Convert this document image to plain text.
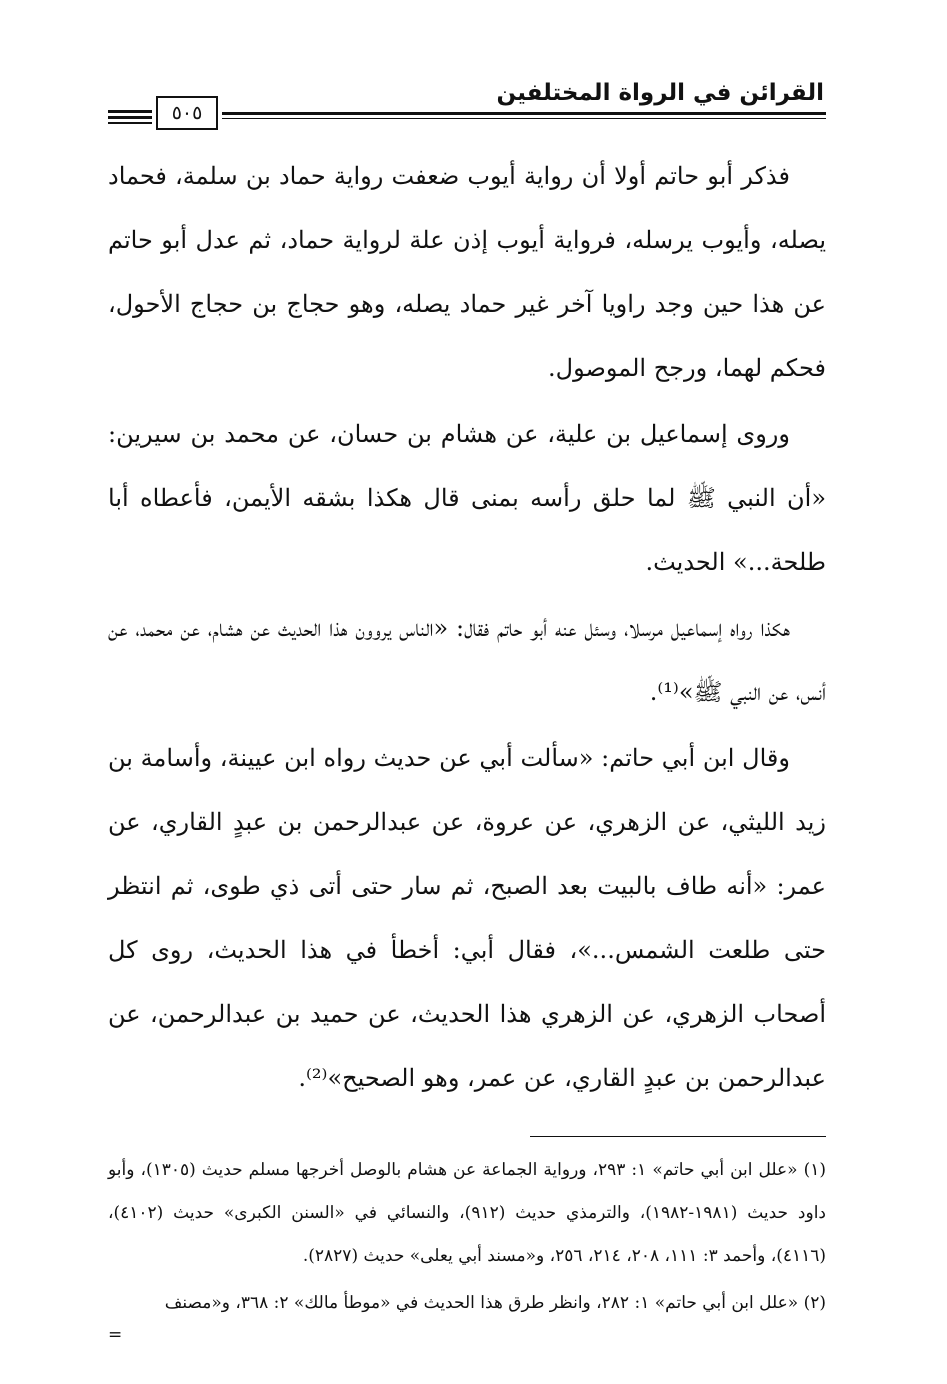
القرائن في الرواة المختلفين
٥٠٥

فذكر أبو حاتم أولا أن رواية أيوب ضعفت رواية حماد بن سلمة، فحماد يصله، وأيوب يرسله، فرواية أيوب إذن علة لرواية حماد، ثم عدل أبو حاتم عن هذا حين وجد راويا آخر غير حماد يصله، وهو حجاج بن حجاج الأحول، فحكم لهما، ورجح الموصول.

وروى إسماعيل بن علية، عن هشام بن حسان، عن محمد بن سيرين: «أن النبي ﷺ لما حلق رأسه بمنى قال هكذا بشقه الأيمن، فأعطاه أبا طلحة...» الحديث.

هكذا رواه إسماعيل مرسلا، وسئل عنه أبو حاتم فقال: «الناس يروون هذا الحديث عن هشام، عن محمد، عن أنس، عن النبي ﷺ»⁽¹⁾.

وقال ابن أبي حاتم: «سألت أبي عن حديث رواه ابن عيينة، وأسامة بن زيد الليثي، عن الزهري، عن عروة، عن عبدالرحمن بن عبدٍ القاري، عن عمر: «أنه طاف بالبيت بعد الصبح، ثم سار حتى أتى ذي طوى، ثم انتظر حتى طلعت الشمس...»، فقال أبي: أخطأ في هذا الحديث، روى كل أصحاب الزهري، عن الزهري هذا الحديث، عن حميد بن عبدالرحمن، عن عبدالرحمن بن عبدٍ القاري، عن عمر، وهو الصحيح»⁽²⁾.

(١) «علل ابن أبي حاتم» ١: ٢٩٣، ورواية الجماعة عن هشام بالوصل أخرجها مسلم حديث (١٣٠٥)، وأبو داود حديث (١٩٨١-١٩٨٢)، والترمذي حديث (٩١٢)، والنسائي في «السنن الكبرى» حديث (٤١٠٢)، (٤١١٦)، وأحمد ٣: ١١١، ٢٠٨، ٢١٤، ٢٥٦، و«مسند أبي يعلى» حديث (٢٨٢٧).

(٢) «علل ابن أبي حاتم» ١: ٢٨٢، وانظر طرق هذا الحديث في «موطأ مالك» ٢: ٣٦٨، و«مصنف

=
